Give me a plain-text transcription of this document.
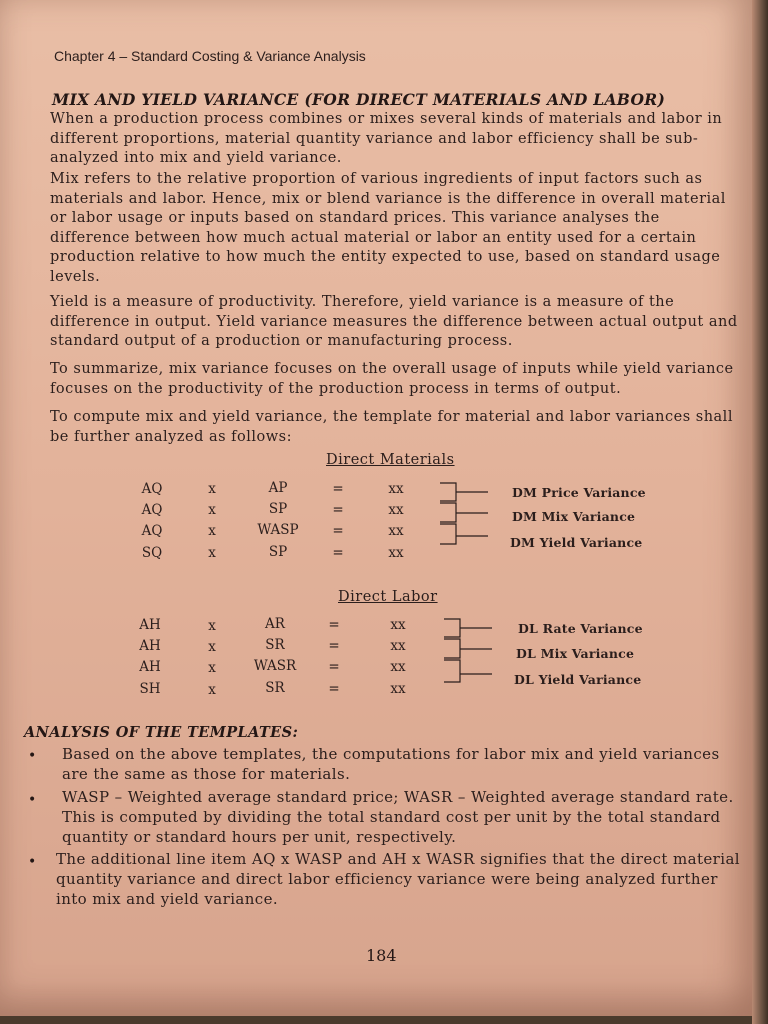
Chapter 4 – Standard Costing & Variance Analysis
MIX AND YIELD VARIANCE (FOR DIRECT MATERIALS AND LABOR)
When a production process combines or mixes several kinds of materials and labor in different proportions, material quantity variance and labor efficiency shall be sub-analyzed into mix and yield variance.
Mix refers to the relative proportion of various ingredients of input factors such as materials and labor. Hence, mix or blend variance is the difference in overall material or labor usage or inputs based on standard prices. This variance analyses the difference between how much actual material or labor an entity used for a certain production relative to how much the entity expected to use, based on standard usage levels.
Yield is a measure of productivity. Therefore, yield variance is a measure of the difference in output. Yield variance measures the difference between actual output and standard output of a production or manufacturing process.
To summarize, mix variance focuses on the overall usage of inputs while yield variance focuses on the productivity of the production process in terms of output.
To compute mix and yield variance, the template for material and labor variances shall be further analyzed as follows:
Direct Materials
AQ	x	AP	=	xx
AQ	x	SP	=	xx
AQ	x	WASP	=	xx
SQ	x	SP	=	xx
DM Price Variance
DM Mix Variance
DM Yield Variance
Direct Labor
AH	x	AR	=	xx
AH	x	SR	=	xx
AH	x	WASR	=	xx
SH	x	SR	=	xx
DL Rate Variance
DL Mix Variance
DL Yield Variance
ANALYSIS OF THE TEMPLATES:
• Based on the above templates, the computations for labor mix and yield variances are the same as those for materials.
• WASP – Weighted average standard price; WASR – Weighted average standard rate. This is computed by dividing the total standard cost per unit by the total standard quantity or standard hours per unit, respectively.
• The additional line item AQ x WASP and AH x WASR signifies that the direct material quantity variance and direct labor efficiency variance were being analyzed further into mix and yield variance.
184
